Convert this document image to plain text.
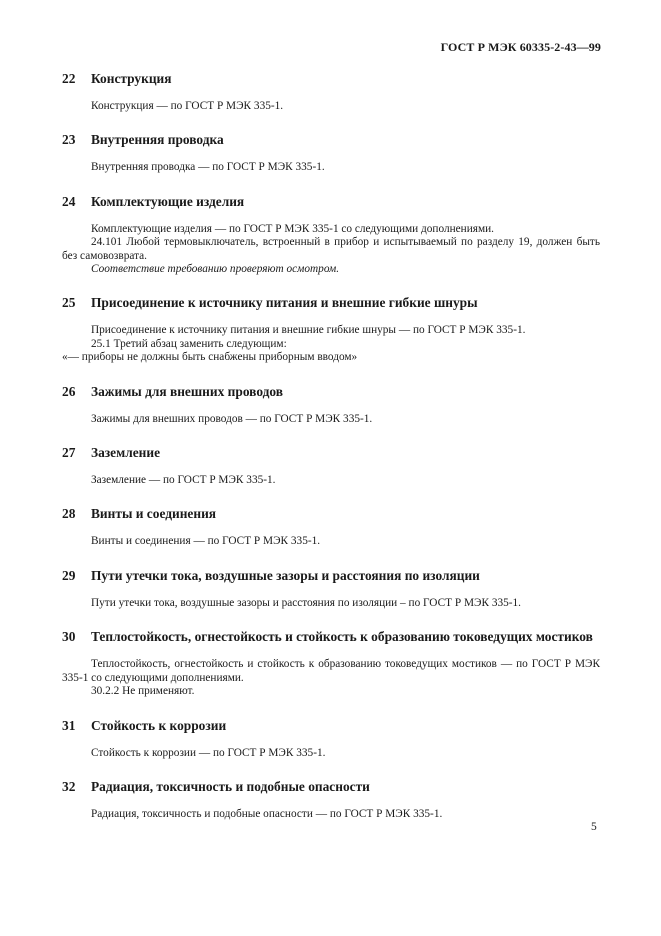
ГОСТ Р МЭК 60335-2-43—99
22 Конструкция
Конструкция — по ГОСТ Р МЭК 335-1.
23 Внутренняя проводка
Внутренняя проводка — по ГОСТ Р МЭК 335-1.
24 Комплектующие изделия
Комплектующие изделия — по ГОСТ Р МЭК 335-1 со следующими дополнениями.
24.101 Любой термовыключатель, встроенный в прибор и испытываемый по разделу 19, должен быть без самовозврата.
Соответствие требованию проверяют осмотром.
25 Присоединение к источнику питания и внешние гибкие шнуры
Присоединение к источнику питания и внешние гибкие шнуры — по ГОСТ Р МЭК 335-1.
25.1 Третий абзац заменить следующим:
«— приборы не должны быть снабжены приборным вводом»
26 Зажимы для внешних проводов
Зажимы для внешних проводов — по ГОСТ Р МЭК 335-1.
27 Заземление
Заземление — по ГОСТ Р МЭК 335-1.
28 Винты и соединения
Винты и соединения — по ГОСТ Р МЭК 335-1.
29 Пути утечки тока, воздушные зазоры и расстояния по изоляции
Пути утечки тока, воздушные зазоры и расстояния по изоляции – по ГОСТ Р МЭК 335-1.
30 Теплостойкость, огнестойкость и стойкость к образованию токоведущих мостиков
Теплостойкость, огнестойкость и стойкость к образованию токоведущих мостиков — по ГОСТ Р МЭК 335-1 со следующими дополнениями.
30.2.2 Не применяют.
31 Стойкость к коррозии
Стойкость к коррозии — по ГОСТ Р МЭК 335-1.
32 Радиация, токсичность и подобные опасности
Радиация, токсичность и подобные опасности — по ГОСТ Р МЭК 335-1.
5
